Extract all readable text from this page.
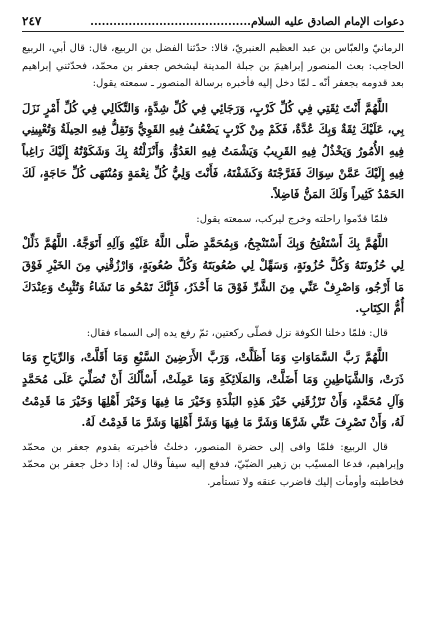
دعوات الإمام الصادق عليه السلام..........................................
٢٤٧

الرمانيّ والعبّاس بن عبد العظيم العنبريّ، قالا: حدّثنا الفضل بن الربيع، قال: قال أبي، الربيع الحاجب: بعث المنصور إبراهيمَ بن جبلة المدينة ليشخص جعفر بن محمّد، فحدّثني إبراهيم بعد قدومه بجعفر أنّه ـ لمّا دخل إليه فأخبره برسالة المنصور ـ سمعته يقول:

اللَّهُمَّ أَنْتَ ثِقَتِي فِي كُلِّ كَرْبٍ، وَرَجَائِي فِي كُلِّ شِدَّةٍ، وَالتِّكَالِي فِي كُلِّ أَمْرٍ نَزَلَ بِي، عَلَيْكَ ثِقَةٌ وَبِكَ عُدَّةٌ، فَكَمْ مِنْ كَرْبٍ يَضْعُفُ فِيهِ القَوِيُّ وَتَقِلُّ فِيهِ الحِيلَةُ وَتُعْيِينِي فِيهِ الأُمُورُ وَيَخْذُلُ فِيهِ القَرِيبُ وَيَشْمَتُ فِيهِ العَدُوُّ، وَأَنْزَلْتُهُ بِكَ وَشَكَوْتُهُ إِلَيْكَ رَاغِباً فِيهِ إِلَيْكَ عَمَّنْ سِوَاكَ فَفَرَّجْتَهُ وَكَشَفْتَهُ، فَأَنْتَ وَلِيُّ كُلِّ نِعْمَةٍ وَمُنْتَهَى كُلِّ حَاجَةٍ، لَكَ الحَمْدُ كَثِيراً وَلَكَ المَنُّ فَاضِلاً.

فلمّا قدّموا راحلته وخرج ليركب، سمعته يقول:

اللَّهُمَّ بِكَ أَسْتَفْتِحُ وَبِكَ أَسْتَنْجِحُ، وَبِمُحَمَّدٍ صَلَّى اللَّهُ عَلَيْهِ وَآلِهِ أَتَوَجَّهُ. اللَّهُمَّ ذَلِّلْ لِي حُزُونَتَهُ وَكُلَّ حُزُونَةٍ، وَسَهِّلْ لِي صُعُوبَتَهُ وَكُلَّ صُعُوبَةٍ، وَارْزُقْنِي مِنَ الخَيْرِ فَوْقَ مَا أَرْجُو، وَاصْرِفْ عَنِّي مِنَ الشَّرِّ فَوْقَ مَا أَحْذَرُ، فَإِنَّكَ تَمْحُو مَا تَشَاءُ وَتُثْبِتُ وَعِنْدَكَ أُمُّ الكِتَابِ.

قال: فلمّا دخلنا الكوفة نزل فصلّى ركعتين، ثمّ رفع يده إلى السماء فقال:

اللَّهُمَّ رَبَّ السَّمَاوَاتِ وَمَا أَظَلَّتْ، وَرَبَّ الأَرَضِينَ السَّبْعِ وَمَا أَقَلَّتْ، وَالرِّيَاحِ وَمَا ذَرَتْ، وَالشَّيَاطِينِ وَمَا أَضَلَّتْ، وَالمَلَائِكَةِ وَمَا عَمِلَتْ، أَسْأَلُكَ أَنْ تُصَلِّيَ عَلَى مُحَمَّدٍ وَآلِ مُحَمَّدٍ، وَأَنْ تَرْزُقَنِي خَيْرَ هَذِهِ البَلْدَةِ وَخَيْرَ مَا فِيهَا وَخَيْرَ أَهْلِهَا وَخَيْرَ مَا قَدِمْتُ لَهُ، وَأَنْ تَصْرِفَ عَنِّي شَرَّهَا وَشَرَّ مَا فِيهَا وَشَرَّ أَهْلِهَا وَشَرَّ مَا قَدِمْتُ لَهُ.

قال الربيع: فلمّا وافى إلى حضرة المنصور، دخلتُ فأخبرته بقدوم جعفر بن محمّد وإبراهيم، فدعا المسيّب بن زهير الضبّيّ، فدفع إليه سيفاً وقال له: إذا دخل جعفر بن محمّد فخاطبته وأومأت إليك فاضرب عنقه ولا تستأمر.
